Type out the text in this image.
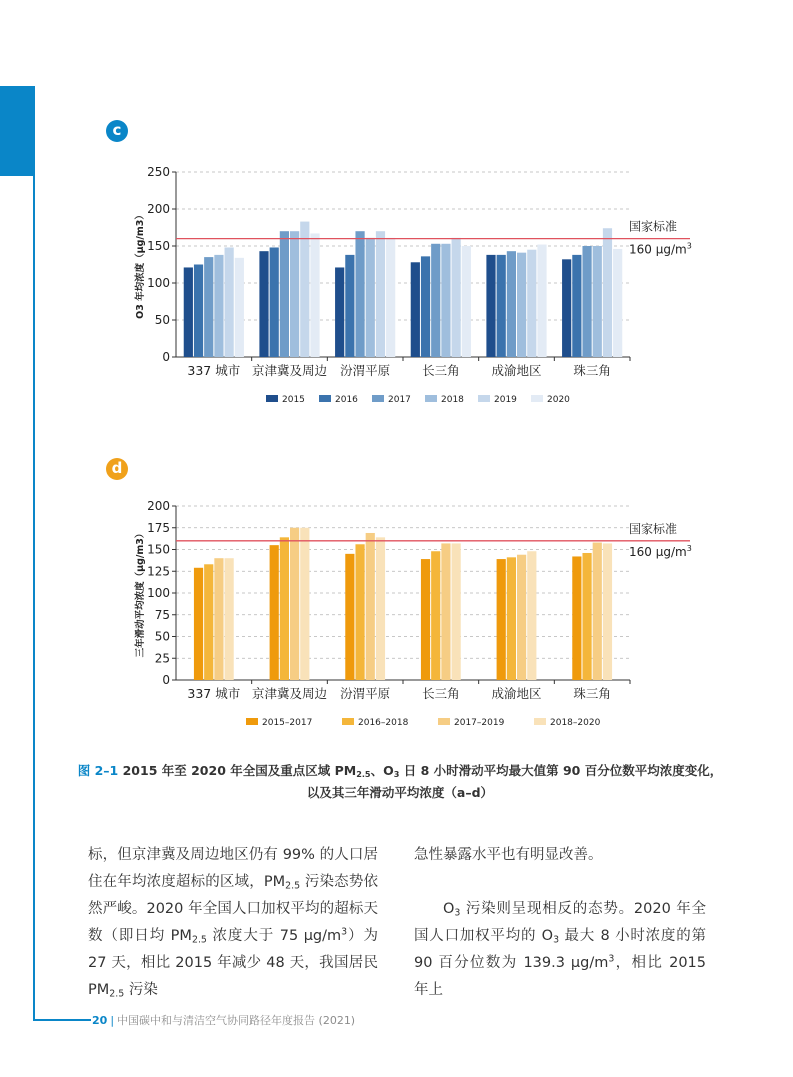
c
0
50
100
150
200
250
O3 年均浓度（μg/m3）
337 城市 京津冀及周边 汾渭平原	长三角	成渝地区	珠三角
国家标准
160 $\mu g/m^3$
2015	2016	2017	2018	2019	2020
d
0
25
50
75
100
125
150
175
200
三年滑动平均浓度（μg/m3）
337 城市 京津冀及周边 汾渭平原	长三角	成渝地区	珠三角
国家标准
160 $\mu g/m^3$
2015–2017	2016–2018	2017–2019	2018–2020
图 2–1 2015 年至 2020 年全国及重点区域 $PM_{2.5}$、$O_3$ 日 8 小时滑动平均最大值第 90 百分位数平均浓度变化，
以及其三年滑动平均浓度（a–d）

标，但京津冀及周边地区仍有 99% 的人口居住在年均浓度超标的区域，$PM_{2.5}$ 污染态势依然严峻。2020 年全国人口加权平均的超标天数（即日均 $PM_{2.5}$ 浓度大于 75 $\mu g/m^3$）为 27 天，相比 2015 年减少 48 天，我国居民 $PM_{2.5}$ 污染

急性暴露水平也有明显改善。

$O_3$ 污染则呈现相反的态势。2020 年全国人口加权平均的 $O_3$ 最大 8 小时浓度的第 90 百分位数为 139.3 $\mu g/m^3$，相比 2015 年上

20 | 中国碳中和与清洁空气协同路径年度报告 (2021)
